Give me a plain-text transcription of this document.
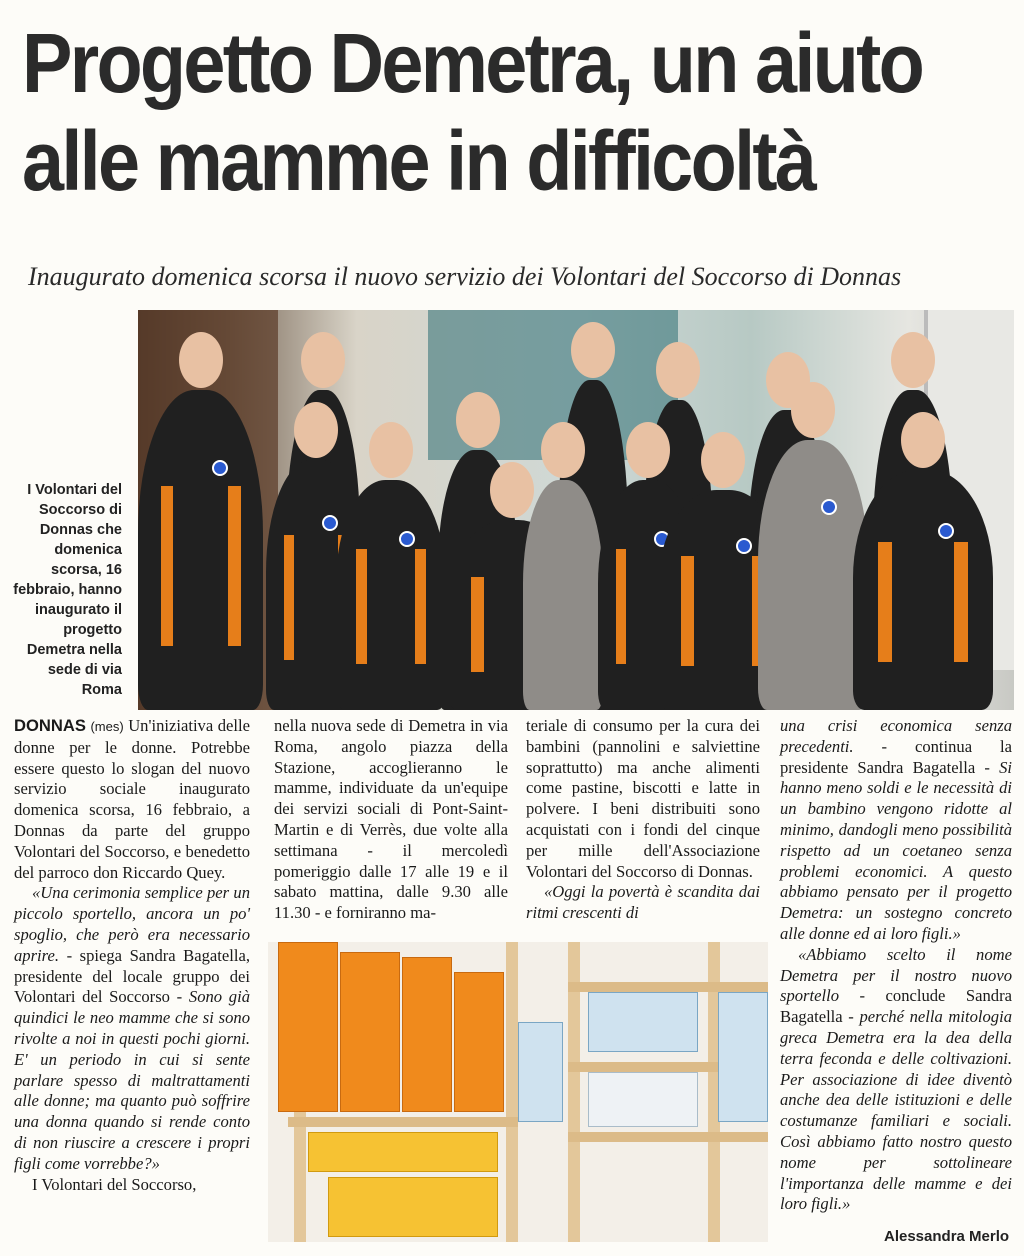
Progetto Demetra, un aiuto
alle mamme in difficoltà
Inaugurato domenica scorsa il nuovo servizio dei Volontari del Soccorso di Donnas
I Volontari del Soccorso di Donnas che domenica scorsa, 16 febbraio, hanno inaugurato il progetto Demetra nella sede di via Roma

DONNAS (mes) Un'iniziativa delle donne per le donne. Potrebbe essere questo lo slogan del nuovo servizio sociale inaugurato domenica scorsa, 16 febbraio, a Donnas da parte del gruppo Volontari del Soccorso, e benedetto del parroco don Riccardo Quey.

«Una cerimonia semplice per un piccolo sportello, ancora un po' spoglio, che però era necessario aprire. - spiega Sandra Bagatella, presidente del locale gruppo dei Volontari del Soccorso - Sono già quindici le neo mamme che si sono rivolte a noi in questi pochi giorni. E' un periodo in cui si sente parlare spesso di maltrattamenti alle donne; ma quanto può soffrire una donna quando si rende conto di non riuscire a crescere i propri figli come vorrebbe?»

I Volontari del Soccorso,

nella nuova sede di Demetra in via Roma, angolo piazza della Stazione, accoglieranno le mamme, individuate da un'equipe dei servizi sociali di Pont-Saint-Martin e di Verrès, due volte alla settimana - il mercoledì pomeriggio dalle 17 alle 19 e il sabato mattina, dalle 9.30 alle 11.30 - e forniranno ma-

teriale di consumo per la cura dei bambini (pannolini e salviettine soprattutto) ma anche alimenti come pastine, biscotti e latte in polvere. I beni distribuiti sono acquistati con i fondi del cinque per mille dell'Associazione Volontari del Soccorso di Donnas.

«Oggi la povertà è scandita dai ritmi crescenti di

una crisi economica senza precedenti. - continua la presidente Sandra Bagatella - Si hanno meno soldi e le necessità di un bambino vengono ridotte al minimo, dandogli meno possibilità rispetto ad un coetaneo senza problemi economici. A questo abbiamo pensato per il progetto Demetra: un sostegno concreto alle donne ed ai loro figli.»

«Abbiamo scelto il nome Demetra per il nostro nuovo sportello - conclude Sandra Bagatella - perché nella mitologia greca Demetra era la dea della terra feconda e delle coltivazioni. Per associazione di idee diventò anche dea delle istituzioni e delle costumanze familiari e sociali. Così abbiamo fatto nostro questo nome per sottolineare l'importanza delle mamme e dei loro figli.»

Alessandra Merlo
